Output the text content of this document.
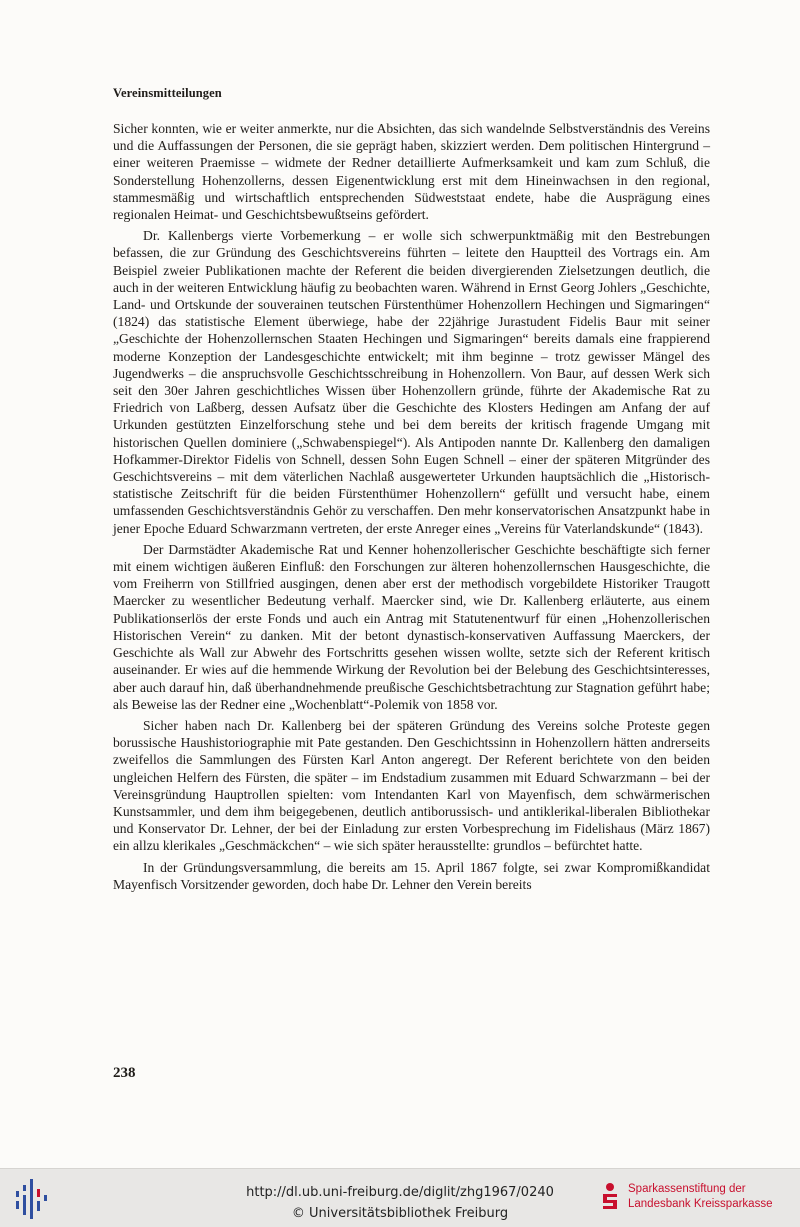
Vereinsmitteilungen

Sicher konnten, wie er weiter anmerkte, nur die Absichten, das sich wandelnde Selbstverständnis des Vereins und die Auffassungen der Personen, die sie geprägt haben, skizziert werden. Dem politischen Hintergrund – einer weiteren Praemisse – widmete der Redner detaillierte Aufmerksamkeit und kam zum Schluß, die Sonderstellung Hohenzollerns, dessen Eigenentwicklung erst mit dem Hineinwachsen in den regional, stammesmäßig und wirtschaftlich entsprechenden Südweststaat endete, habe die Ausprägung eines regionalen Heimat- und Geschichtsbewußtseins gefördert.

Dr. Kallenbergs vierte Vorbemerkung – er wolle sich schwerpunktmäßig mit den Bestrebungen befassen, die zur Gründung des Geschichtsvereins führten – leitete den Hauptteil des Vortrags ein. Am Beispiel zweier Publikationen machte der Referent die beiden divergierenden Zielsetzungen deutlich, die auch in der weiteren Entwicklung häufig zu beobachten waren. Während in Ernst Georg Johlers „Geschichte, Land- und Ortskunde der souverainen teutschen Fürstenthümer Hohenzollern Hechingen und Sigmaringen“ (1824) das statistische Element überwiege, habe der 22jährige Jurastudent Fidelis Baur mit seiner „Geschichte der Hohenzollernschen Staaten Hechingen und Sigmaringen“ bereits damals eine frappierend moderne Konzeption der Landesgeschichte entwickelt; mit ihm beginne – trotz gewisser Mängel des Jugendwerks – die anspruchsvolle Geschichtsschreibung in Hohenzollern. Von Baur, auf dessen Werk sich seit den 30er Jahren geschichtliches Wissen über Hohenzollern gründe, führte der Akademische Rat zu Friedrich von Laßberg, dessen Aufsatz über die Geschichte des Klosters Hedingen am Anfang der auf Urkunden gestützten Einzelforschung stehe und bei dem bereits der kritisch fragende Umgang mit historischen Quellen dominiere („Schwabenspiegel“). Als Antipoden nannte Dr. Kallenberg den damaligen Hofkammer-Direktor Fidelis von Schnell, dessen Sohn Eugen Schnell – einer der späteren Mitgründer des Geschichtsvereins – mit dem väterlichen Nachlaß ausgewerteter Urkunden hauptsächlich die „Historisch-statistische Zeitschrift für die beiden Fürstenthümer Hohenzollern“ gefüllt und versucht habe, einem umfassenden Geschichtsverständnis Gehör zu verschaffen. Den mehr konservatorischen Ansatzpunkt habe in jener Epoche Eduard Schwarzmann vertreten, der erste Anreger eines „Vereins für Vaterlandskunde“ (1843).

Der Darmstädter Akademische Rat und Kenner hohenzollerischer Geschichte beschäftigte sich ferner mit einem wichtigen äußeren Einfluß: den Forschungen zur älteren hohenzollernschen Hausgeschichte, die vom Freiherrn von Stillfried ausgingen, denen aber erst der methodisch vorgebildete Historiker Traugott Maercker zu wesentlicher Bedeutung verhalf. Maercker sind, wie Dr. Kallenberg erläuterte, aus einem Publikationserlös der erste Fonds und auch ein Antrag mit Statutenentwurf für einen „Hohenzollerischen Historischen Verein“ zu danken. Mit der betont dynastisch-konservativen Auffassung Maerckers, der Geschichte als Wall zur Abwehr des Fortschritts gesehen wissen wollte, setzte sich der Referent kritisch auseinander. Er wies auf die hemmende Wirkung der Revolution bei der Belebung des Geschichtsinteresses, aber auch darauf hin, daß überhandnehmende preußische Geschichtsbetrachtung zur Stagnation geführt habe; als Beweise las der Redner eine „Wochenblatt“-Polemik von 1858 vor.

Sicher haben nach Dr. Kallenberg bei der späteren Gründung des Vereins solche Proteste gegen borussische Haushistoriographie mit Pate gestanden. Den Geschichtssinn in Hohenzollern hätten andrerseits zweifellos die Sammlungen des Fürsten Karl Anton angeregt. Der Referent berichtete von den beiden ungleichen Helfern des Fürsten, die später – im Endstadium zusammen mit Eduard Schwarzmann – bei der Vereinsgründung Hauptrollen spielten: vom Intendanten Karl von Mayenfisch, dem schwärmerischen Kunstsammler, und dem ihm beigegebenen, deutlich antiborussisch- und antiklerikal-liberalen Bibliothekar und Konservator Dr. Lehner, der bei der Einladung zur ersten Vorbesprechung im Fidelishaus (März 1867) ein allzu klerikales „Geschmäckchen“ – wie sich später herausstellte: grundlos – befürchtet hatte.

In der Gründungsversammlung, die bereits am 15. April 1867 folgte, sei zwar Kompromißkandidat Mayenfisch Vorsitzender geworden, doch habe Dr. Lehner den Verein bereits

238
http://dl.ub.uni-freiburg.de/diglit/zhg1967/0240
© Universitätsbibliothek Freiburg
Sparkassenstiftung der
Landesbank Kreissparkasse
